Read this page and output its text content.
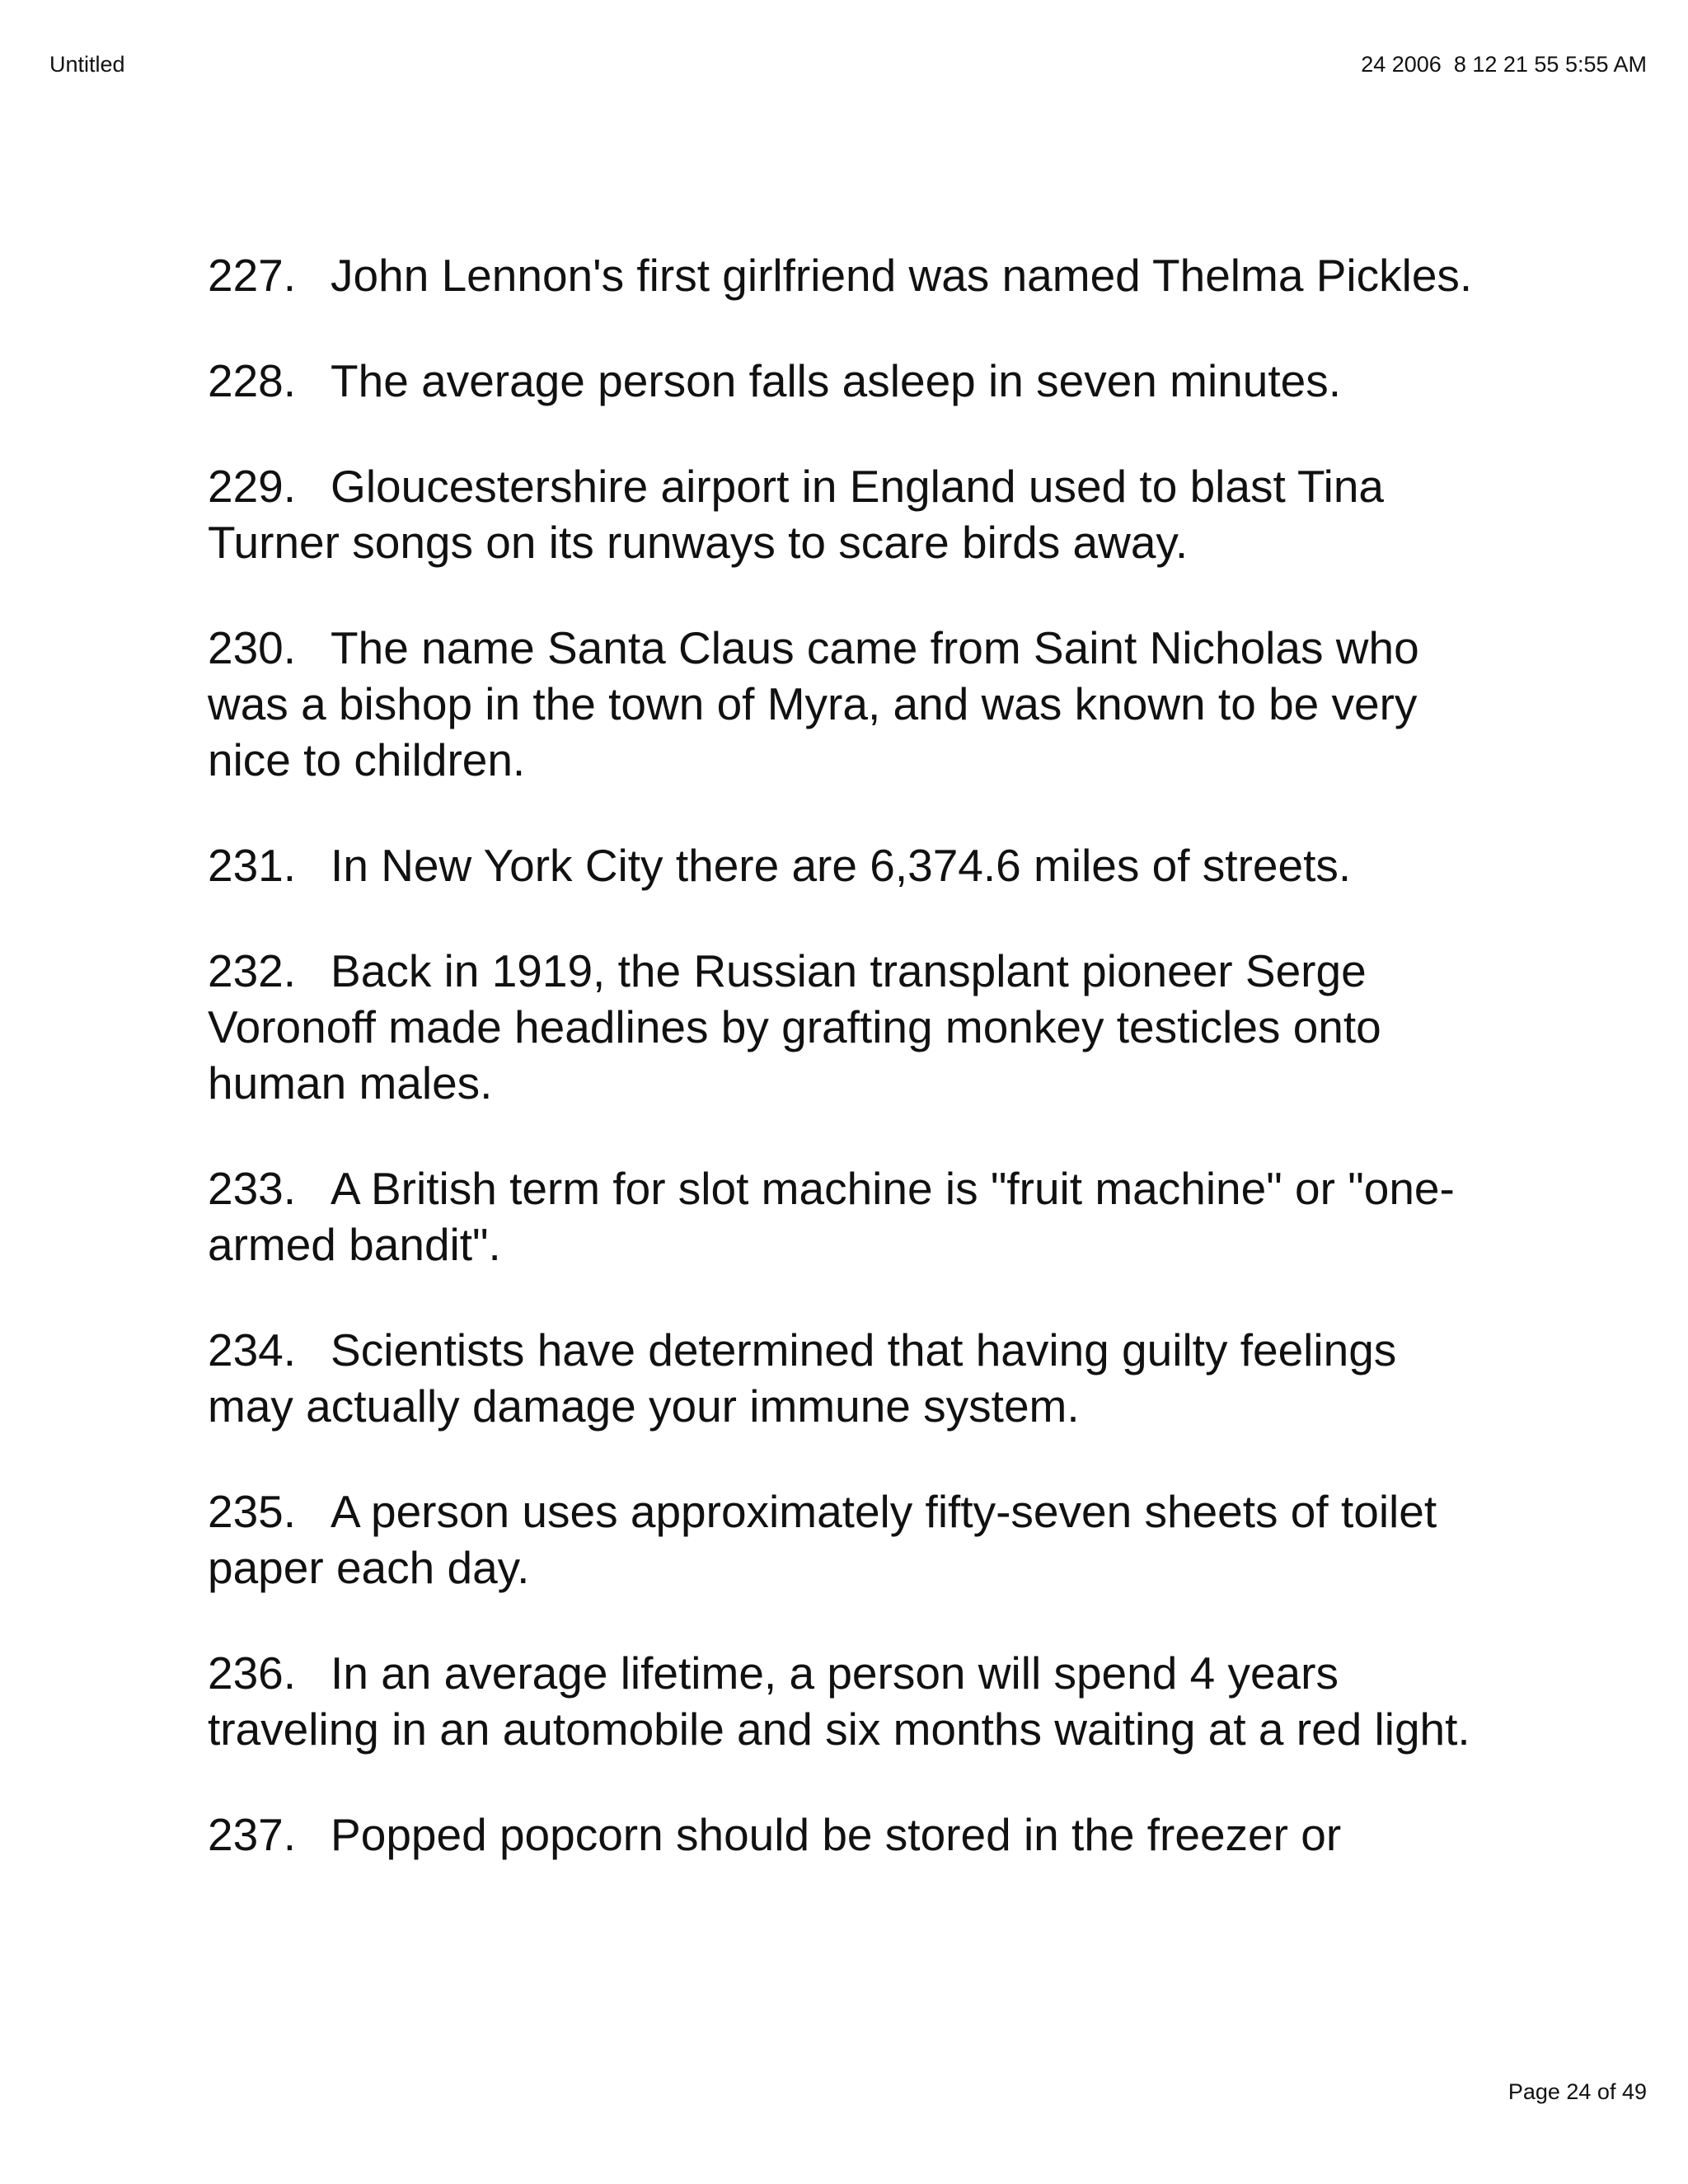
Untitled	24 2006  8 12 21 55 5:55 AM

227. John Lennon's first girlfriend was named Thelma Pickles.

228. The average person falls asleep in seven minutes.

229. Gloucestershire airport in England used to blast Tina Turner songs on its runways to scare birds away.

230. The name Santa Claus came from Saint Nicholas who was a bishop in the town of Myra, and was known to be very nice to children.

231. In New York City there are 6,374.6 miles of streets.

232. Back in 1919, the Russian transplant pioneer Serge Voronoff made headlines by grafting monkey testicles onto human males.

233. A British term for slot machine is "fruit machine" or "one-armed bandit".

234. Scientists have determined that having guilty feelings may actually damage your immune system.

235. A person uses approximately fifty-seven sheets of toilet paper each day.

236. In an average lifetime, a person will spend 4 years traveling in an automobile and six months waiting at a red light.

237. Popped popcorn should be stored in the freezer or

Page 24 of 49
